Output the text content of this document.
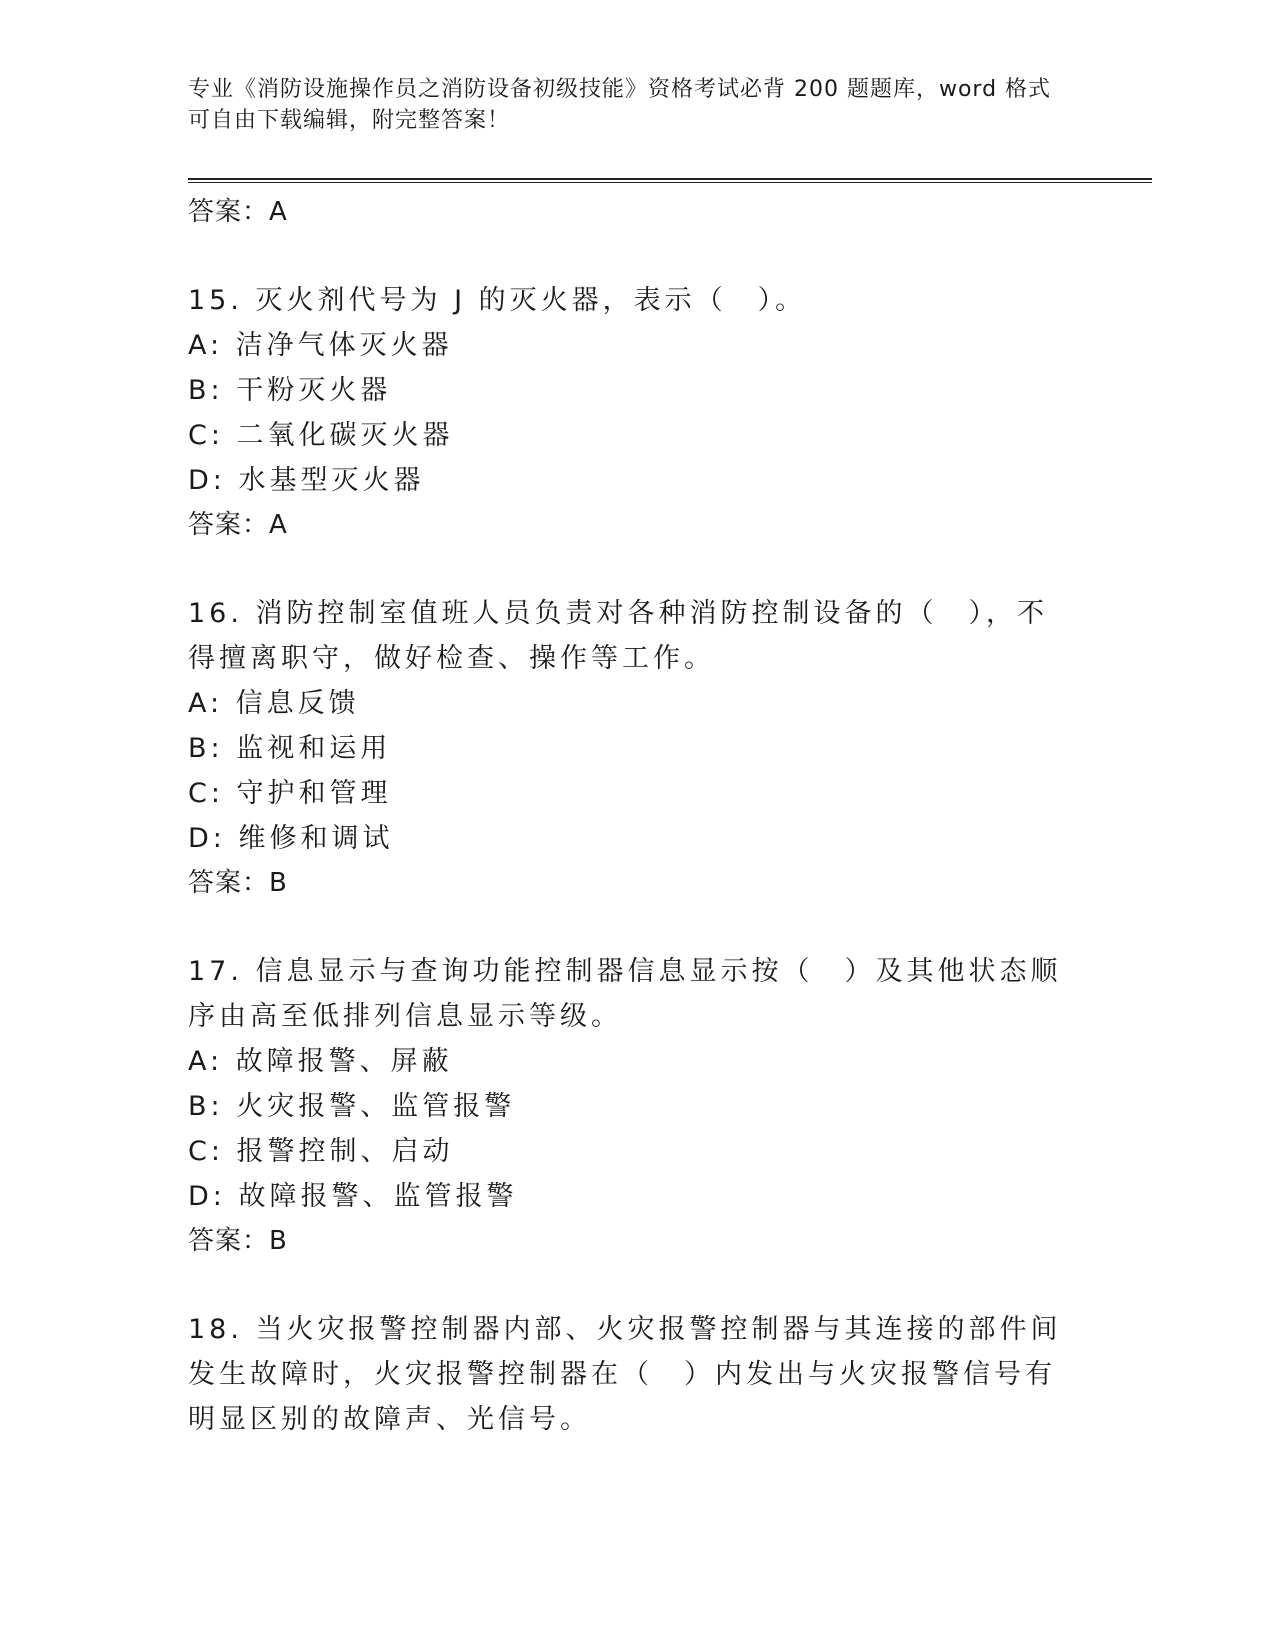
专业《消防设施操作员之消防设备初级技能》资格考试必背 200 题题库，word 格式可自由下载编辑，附完整答案！
答案：A
15. 灭火剂代号为 J 的灭火器，表示（　）。
A: 洁净气体灭火器
B: 干粉灭火器
C: 二氧化碳灭火器
D: 水基型灭火器
答案：A
16. 消防控制室值班人员负责对各种消防控制设备的（　），不得擅离职守，做好检查、操作等工作。
A: 信息反馈
B: 监视和运用
C: 守护和管理
D: 维修和调试
答案：B
17. 信息显示与查询功能控制器信息显示按（　）及其他状态顺序由高至低排列信息显示等级。
A: 故障报警、屏蔽
B: 火灾报警、监管报警
C: 报警控制、启动
D: 故障报警、监管报警
答案：B
18. 当火灾报警控制器内部、火灾报警控制器与其连接的部件间发生故障时，火灾报警控制器在（　）内发出与火灾报警信号有明显区别的故障声、光信号。
